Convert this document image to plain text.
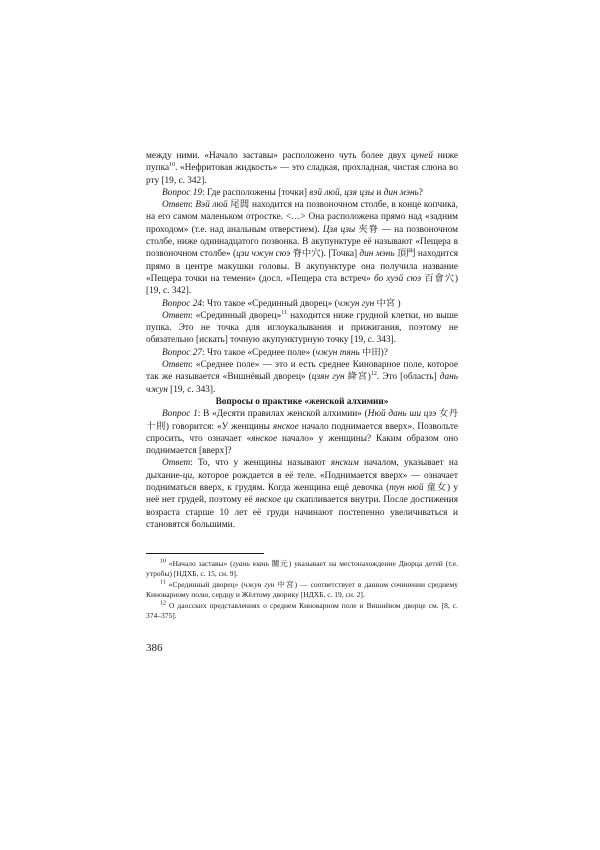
между ними. «Начало заставы» расположено чуть более двух цуней ниже пупка$^{10}$. «Нефритовая жидкость» — это сладкая, прохладная, чистая слюна во рту [19, с. 342].

Вопрос 19: Где расположены [точки] вэй люй, цзя цзы и дин мэнь?

Ответ: Вэй люй 尾閭 находится на позвоночном столбе, в конце копчика, на его самом маленьком отростке. <…> Она расположена прямо над «задним проходом» (т.е. над анальным отверстием). Цзя цзы 夾脊 — на позвоночном столбе, ниже одиннадцатого позвонка. В акупунктуре её называют «Пещера в позвоночном столбе» (цзи чжун сюэ 脊中穴). [Точка] дин мэнь 頂門 находится прямо в центре макушки головы. В акупунктуре она получила название «Пещера точки на темени» (досл. «Пещера ста встреч» бо хуэй сюэ 百會穴) [19, с. 342].

Вопрос 24: Что такое «Срединный дворец» (чжун гун 中宮 )

Ответ: «Срединный дворец»$^{11}$ находится ниже грудной клетки, но выше пупка. Это не точка для иглоукалывания и прижигания, поэтому не обязательно [искать] точную акупунктурную точку [19, с. 343].

Вопрос 27: Что такое «Среднее поле» (чжун тянь 中田)?

Ответ: «Среднее поле» — это и есть среднее Киноварное поле, которое так же называется «Вишнёвый дворец» (цзян гун 絳宮)$^{12}$. Это [область] дань чжун [19, с. 343].

Вопросы о практике «женской алхимии»

Вопрос 1: В «Десяти правилах женской алхимии» (Нюй дань ши цзэ 女丹十則) говорится: «У женщины янское начало поднимается вверх». Позвольте спросить, что означает «янское начало» у женщины? Каким образом оно поднимается [вверх]?

Ответ: То, что у женщины называют янским началом, указывает на дыхание-ци, которое рождается в её теле. «Поднимается вверх» — означает подниматься вверх, к грудям. Когда женщина ещё девочка (тун нюй 童女) у неё нет грудей, поэтому её янское ци скапливается внутри. После достижения возраста старше 10 лет её груди начинают постепенно увеличиваться и становятся большими.

$^{10}$ «Начало заставы» (гуань юань 關元) указывает на местонахождение Дворца детей (т.е. утробы) [НДХБ, с. 15, сн. 9].

$^{11}$ «Срединный дворец» (чжун гун 中宮) — соответствует в данном сочинении среднему Киноварному полю, сердцу и Жёлтому дворику [НДХБ, с. 19, сн. 2].

$^{12}$ О даосских представлениях о среднем Киноварном поле и Вишнёвом дворце см. [8, с. 374–375].

386
